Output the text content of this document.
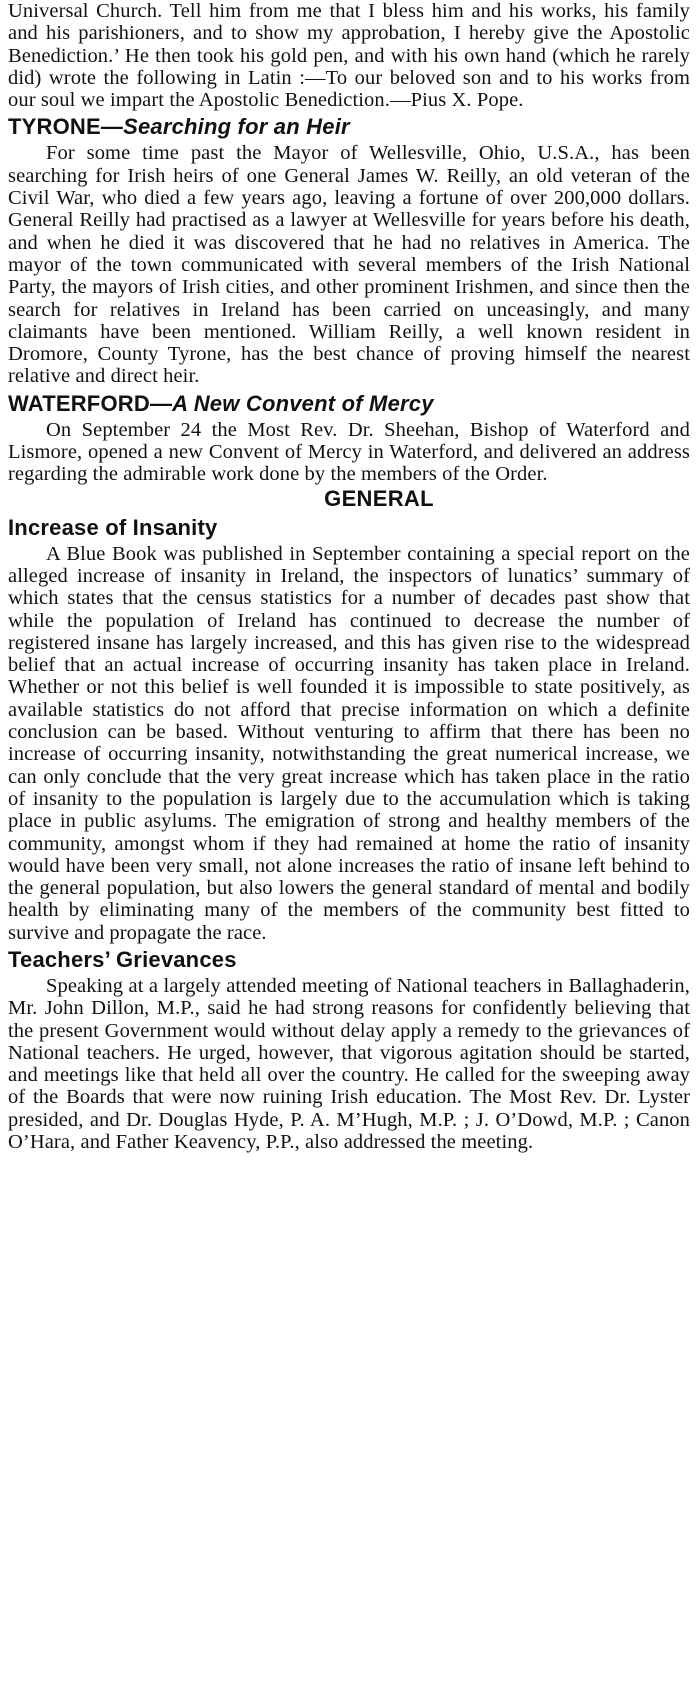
Universal Church. Tell him from me that I bless him and his works, his family and his parishioners, and to show my approbation, I hereby give the Apostolic Benediction.’ He then took his gold pen, and with his own hand (which he rarely did) wrote the following in Latin :—To our beloved son and to his works from our soul we impart the Apostolic Benediction.—Pius X. Pope.

TYRONE—Searching for an Heir

For some time past the Mayor of Wellesville, Ohio, U.S.A., has been searching for Irish heirs of one General James W. Reilly, an old veteran of the Civil War, who died a few years ago, leaving a fortune of over 200,000 dollars. General Reilly had practised as a lawyer at Wellesville for years before his death, and when he died it was discovered that he had no relatives in America. The mayor of the town communicated with several members of the Irish National Party, the mayors of Irish cities, and other prominent Irishmen, and since then the search for relatives in Ireland has been carried on unceasingly, and many claimants have been mentioned. William Reilly, a well known resident in Dromore, County Tyrone, has the best chance of proving himself the nearest relative and direct heir.

WATERFORD—A New Convent of Mercy

On September 24 the Most Rev. Dr. Sheehan, Bishop of Waterford and Lismore, opened a new Convent of Mercy in Waterford, and delivered an address regarding the admirable work done by the members of the Order.

GENERAL
Increase of Insanity

A Blue Book was published in September containing a special report on the alleged increase of insanity in Ireland, the inspectors of lunatics’ summary of which states that the census statistics for a number of decades past show that while the population of Ireland has continued to decrease the number of registered insane has largely increased, and this has given rise to the widespread belief that an actual increase of occurring insanity has taken place in Ireland. Whether or not this belief is well founded it is impossible to state positively, as available statistics do not afford that precise information on which a definite conclusion can be based. Without venturing to affirm that there has been no increase of occurring insanity, notwithstanding the great numerical increase, we can only conclude that the very great increase which has taken place in the ratio of insanity to the population is largely due to the accumulation which is taking place in public asylums. The emigration of strong and healthy members of the community, amongst whom if they had remained at home the ratio of insanity would have been very small, not alone increases the ratio of insane left behind to the general population, but also lowers the general standard of mental and bodily health by eliminating many of the members of the community best fitted to survive and propagate the race.

Teachers’ Grievances

Speaking at a largely attended meeting of National teachers in Ballaghaderin, Mr. John Dillon, M.P., said he had strong reasons for confidently believing that the present Government would without delay apply a remedy to the grievances of National teachers. He urged, however, that vigorous agitation should be started, and meetings like that held all over the country. He called for the sweeping away of the Boards that were now ruining Irish education. The Most Rev. Dr. Lyster presided, and Dr. Douglas Hyde, P. A. M’Hugh, M.P. ; J. O’Dowd, M.P. ; Canon O’Hara, and Father Keavency, P.P., also addressed the meeting.
